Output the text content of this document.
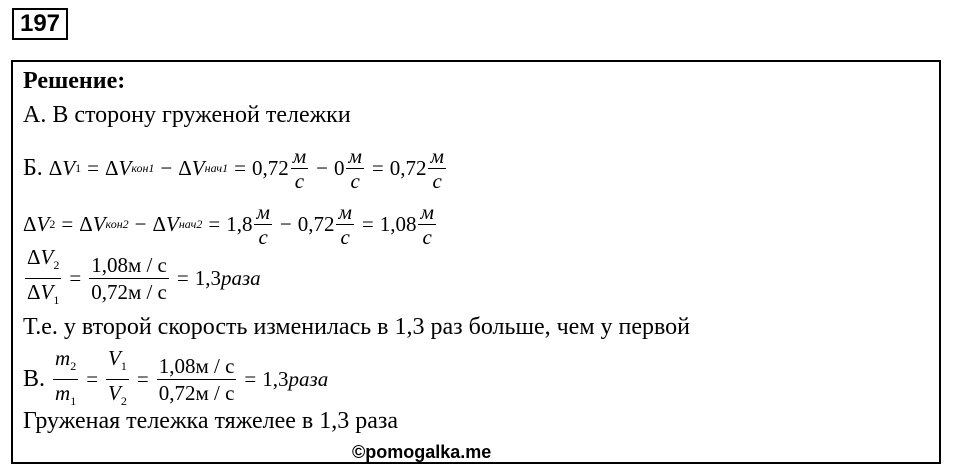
197
Решение:
А. В сторону груженой тележки
Б. Δ V 1 = Δ V кон1 − Δ V $нач1 = 0,72 \frac{м}{с} - 0 \frac{м}{с} = 0,72 \frac{м}{с}$
Δ V 2 = Δ V кон2 − Δ V $нач2 = 1,8 \frac{м}{с} - 0,72 \frac{м}{с} = 1,08 \frac{м}{с}$
$\frac{\Delta V_2}{\Delta V_1} = \frac{1,08м / с}{0,72м / с} = 1,3$ раза
Т.е. у второй скорость изменилась в 1,3 раз больше, чем у первой
В. $\frac{m_2}{m_1} = \frac{V_1}{V_2} = \frac{1,08м / с}{0,72м / с} = 1,3$ раза
Груженая тележка тяжелее в 1,3 раза
©pomogalka.me
